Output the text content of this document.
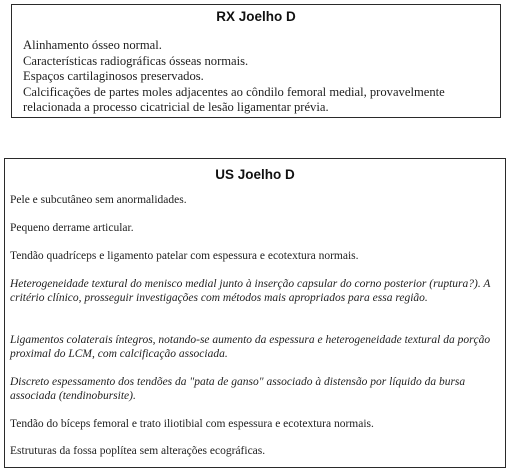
RX Joelho D
Alinhamento ósseo normal.
Características radiográficas ósseas normais.
Espaços cartilaginosos preservados.
Calcificações de partes moles adjacentes ao côndilo femoral medial, provavelmente
relacionada a processo cicatricial de lesão ligamentar prévia.
US Joelho D
Pele e subcutâneo sem anormalidades.
Pequeno derrame articular.
Tendão quadríceps e ligamento patelar com espessura e ecotextura normais.
Heterogeneidade textural do menisco medial junto à inserção capsular do corno posterior (ruptura?). A critério clínico, prosseguir investigações com métodos mais apropriados para essa região.
Ligamentos colaterais íntegros, notando-se aumento da espessura e heterogeneidade textural da porção proximal do LCM, com calcificação associada.
Discreto espessamento dos tendões da "pata de ganso" associado à distensão por líquido da bursa associada (tendinobursite).
Tendão do bíceps femoral e trato iliotibial com espessura e ecotextura normais.
Estruturas da fossa poplítea sem alterações ecográficas.
